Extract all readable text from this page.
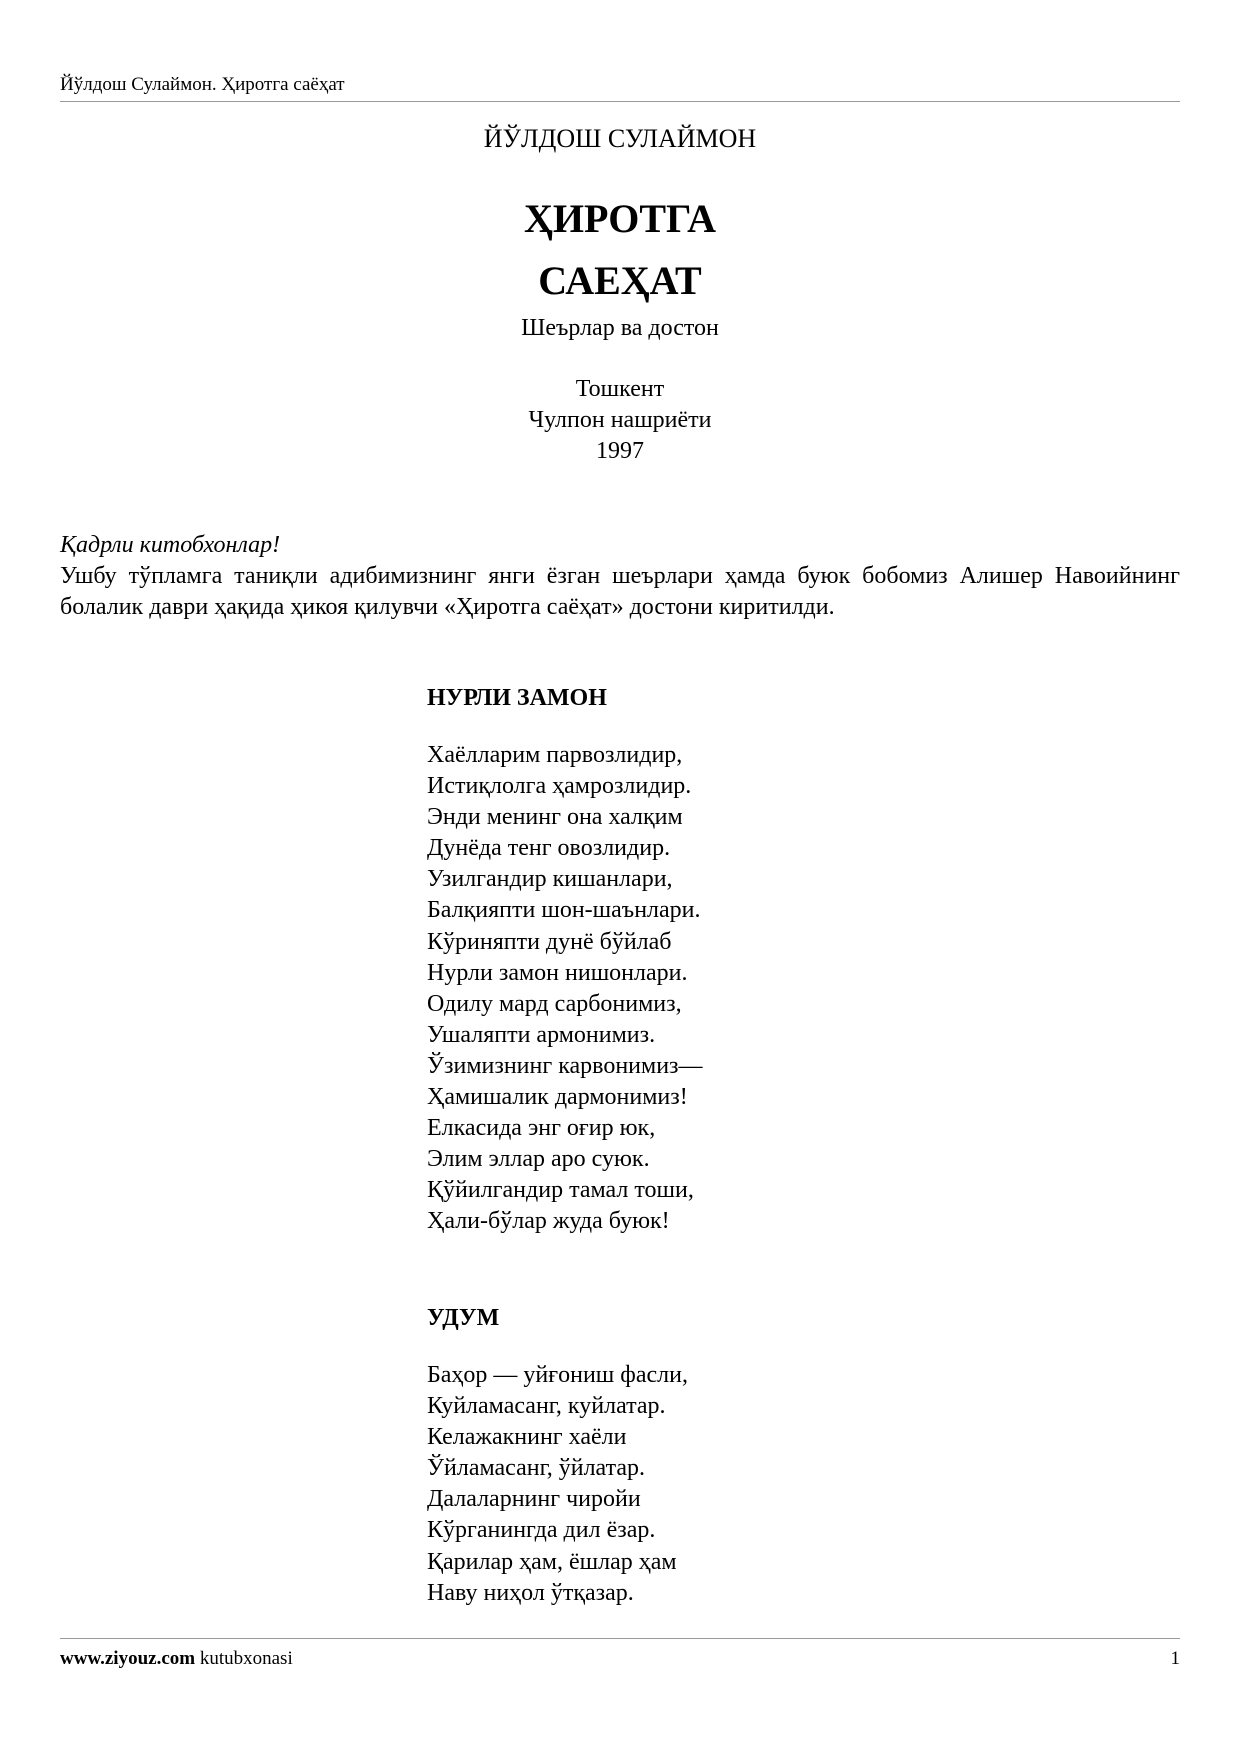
Йўлдош Сулаймон. Ҳиротга саёҳат
ЙЎЛДОШ СУЛАЙМОН
ҲИРОТГА
САЕҲАТ
Шеърлар ва достон
Тошкент
Чулпон нашриёти
1997
Қадрли китобхонлар!
Ушбу тўпламга таниқли адибимизнинг янги ёзган шеърлари ҳамда буюк бобомиз Алишер Навоийнинг болалик даври ҳақида ҳикоя қилувчи «Ҳиротга саёҳат» достони киритилди.
НУРЛИ ЗАМОН
Хаёлларим парвозлидир,
Истиқлолга ҳамрозлидир.
Энди менинг она халқим
Дунёда тенг овозлидир.
Узилгандир кишанлари,
Балқияпти шон-шаънлари.
Кўриняпти дунё бўйлаб
Нурли замон нишонлари.
Одилу мард сарбонимиз,
Ушаляпти армонимиз.
Ўзимизнинг карвонимиз—
Ҳамишалик дармонимиз!
Елкасида энг оғир юк,
Элим эллар аро суюк.
Қўйилгандир тамал тоши,
Ҳали-бўлар жуда буюк!
УДУМ
Баҳор — уйғониш фасли,
Куйламасанг, куйлатар.
Келажакнинг хаёли
Ўйламасанг, ўйлатар.
Далаларнинг чиройи
Кўрганингда дил ёзар.
Қарилар ҳам, ёшлар ҳам
Наву ниҳол ўтқазар.
www.ziyouz.com kutubxonasi	1
